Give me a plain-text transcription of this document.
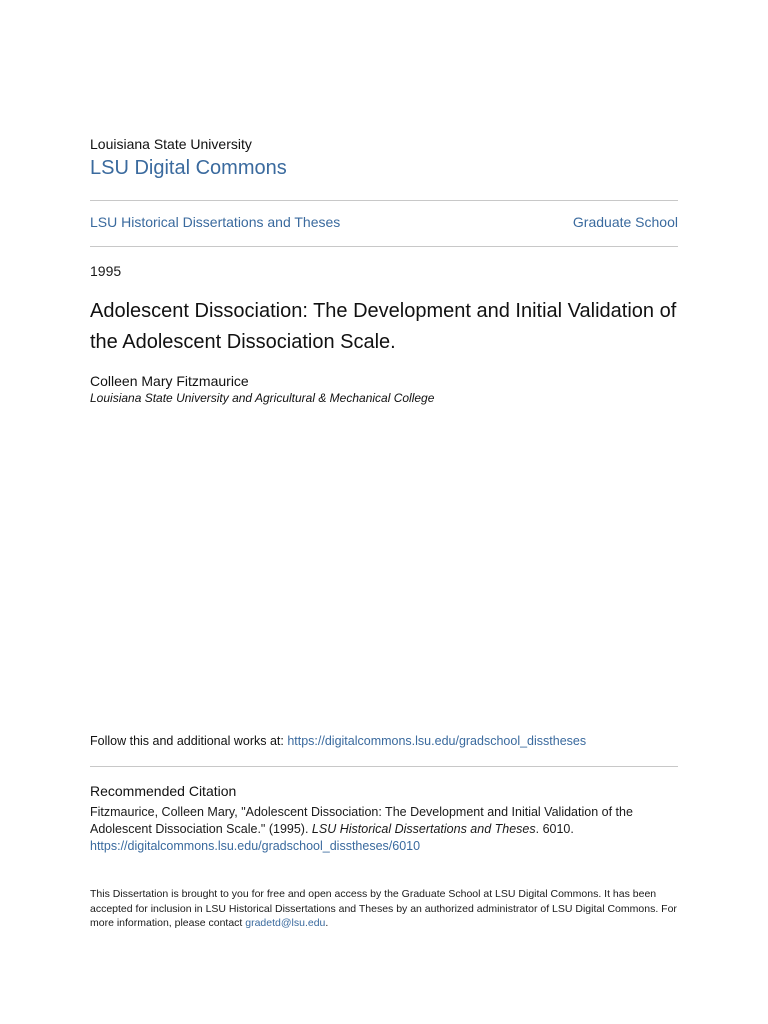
Louisiana State University
LSU Digital Commons
LSU Historical Dissertations and Theses	Graduate School
1995
Adolescent Dissociation: The Development and Initial Validation of the Adolescent Dissociation Scale.
Colleen Mary Fitzmaurice
Louisiana State University and Agricultural & Mechanical College
Follow this and additional works at: https://digitalcommons.lsu.edu/gradschool_disstheses
Recommended Citation
Fitzmaurice, Colleen Mary, "Adolescent Dissociation: The Development and Initial Validation of the Adolescent Dissociation Scale." (1995). LSU Historical Dissertations and Theses. 6010.
https://digitalcommons.lsu.edu/gradschool_disstheses/6010
This Dissertation is brought to you for free and open access by the Graduate School at LSU Digital Commons. It has been accepted for inclusion in LSU Historical Dissertations and Theses by an authorized administrator of LSU Digital Commons. For more information, please contact gradetd@lsu.edu.
